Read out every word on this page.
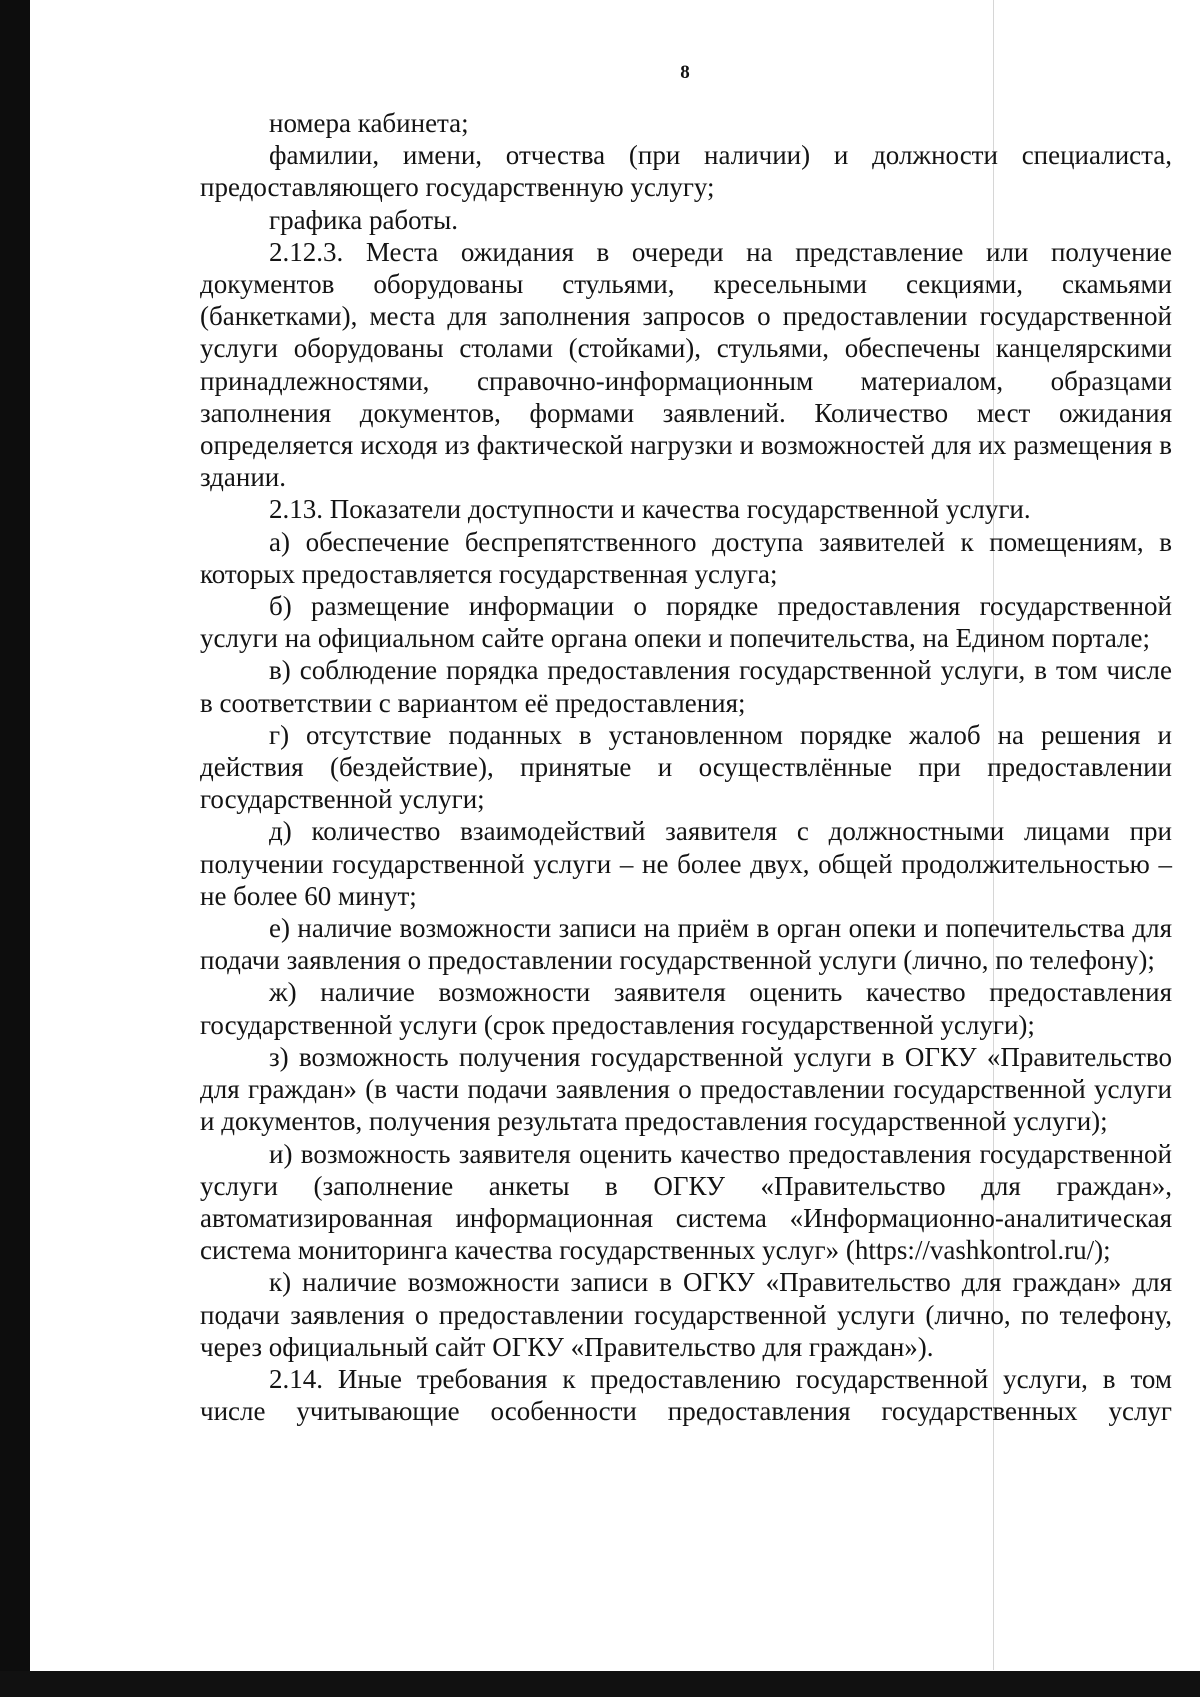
8

номера кабинета;

фамилии, имени, отчества (при наличии) и должности специалиста, предоставляющего государственную услугу;

графика работы.

2.12.3. Места ожидания в очереди на представление или получение документов оборудованы стульями, кресельными секциями, скамьями (банкетками), места для заполнения запросов о предоставлении государственной услуги оборудованы столами (стойками), стульями, обеспечены канцелярскими принадлежностями, справочно-информационным материалом, образцами заполнения документов, формами заявлений. Количество мест ожидания определяется исходя из фактической нагрузки и возможностей для их размещения в здании.

2.13. Показатели доступности и качества государственной услуги.

а) обеспечение беспрепятственного доступа заявителей к помещениям, в которых предоставляется государственная услуга;

б) размещение информации о порядке предоставления государственной услуги на официальном сайте органа опеки и попечительства, на Едином портале;

в) соблюдение порядка предоставления государственной услуги, в том числе в соответствии с вариантом её предоставления;

г) отсутствие поданных в установленном порядке жалоб на решения и действия (бездействие), принятые и осуществлённые при предоставлении государственной услуги;

д) количество взаимодействий заявителя с должностными лицами при получении государственной услуги – не более двух, общей продолжительностью – не более 60 минут;

е) наличие возможности записи на приём в орган опеки и попечительства для подачи заявления о предоставлении государственной услуги (лично, по телефону);

ж) наличие возможности заявителя оценить качество предоставления государственной услуги (срок предоставления государственной услуги);

з) возможность получения государственной услуги в ОГКУ «Правительство для граждан» (в части подачи заявления о предоставлении государственной услуги и документов, получения результата предоставления государственной услуги);

и) возможность заявителя оценить качество предоставления государственной услуги (заполнение анкеты в ОГКУ «Правительство для граждан», автоматизированная информационная система «Информационно-аналитическая система мониторинга качества государственных услуг» (https://vashkontrol.ru/);

к) наличие возможности записи в ОГКУ «Правительство для граждан» для подачи заявления о предоставлении государственной услуги (лично, по телефону, через официальный сайт ОГКУ «Правительство для граждан»).

2.14. Иные требования к предоставлению государственной услуги, в том числе учитывающие особенности предоставления государственных услуг
